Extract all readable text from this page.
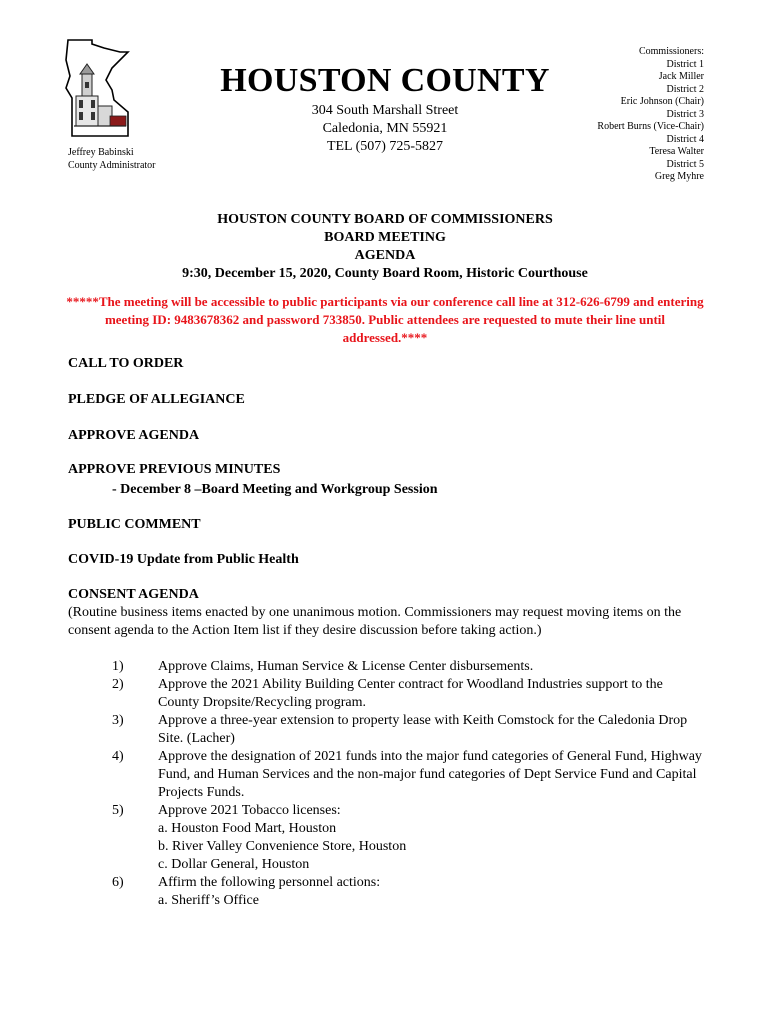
Jeffrey Babinski
County Administrator
HOUSTON COUNTY
304 South Marshall Street
Caledonia, MN 55921
TEL (507) 725-5827
Commissioners:
District 1
Jack Miller
District 2
Eric Johnson (Chair)
District 3
Robert Burns (Vice-Chair)
District 4
Teresa Walter
District 5
Greg Myhre
HOUSTON COUNTY BOARD OF COMMISSIONERS
BOARD MEETING
AGENDA
9:30, December 15, 2020, County Board Room, Historic Courthouse
*****The meeting will be accessible to public participants via our conference call line at 312-626-6799 and entering meeting ID: 9483678362 and password 733850. Public attendees are requested to mute their line until addressed.****
CALL TO ORDER
PLEDGE OF ALLEGIANCE
APPROVE AGENDA
APPROVE PREVIOUS MINUTES
- December 8 –Board Meeting and Workgroup Session
PUBLIC COMMENT
COVID-19 Update from Public Health
CONSENT AGENDA
(Routine business items enacted by one unanimous motion. Commissioners may request moving items on the consent agenda to the Action Item list if they desire discussion before taking action.)
1) Approve Claims, Human Service & License Center disbursements.
2) Approve the 2021 Ability Building Center contract for Woodland Industries support to the County Dropsite/Recycling program.
3) Approve a three-year extension to property lease with Keith Comstock for the Caledonia Drop Site. (Lacher)
4) Approve the designation of 2021 funds into the major fund categories of General Fund, Highway Fund, and Human Services and the non-major fund categories of Dept Service Fund and Capital Projects Funds.
5) Approve 2021 Tobacco licenses:
a. Houston Food Mart, Houston
b. River Valley Convenience Store, Houston
c. Dollar General, Houston
6) Affirm the following personnel actions:
a. Sheriff’s Office
